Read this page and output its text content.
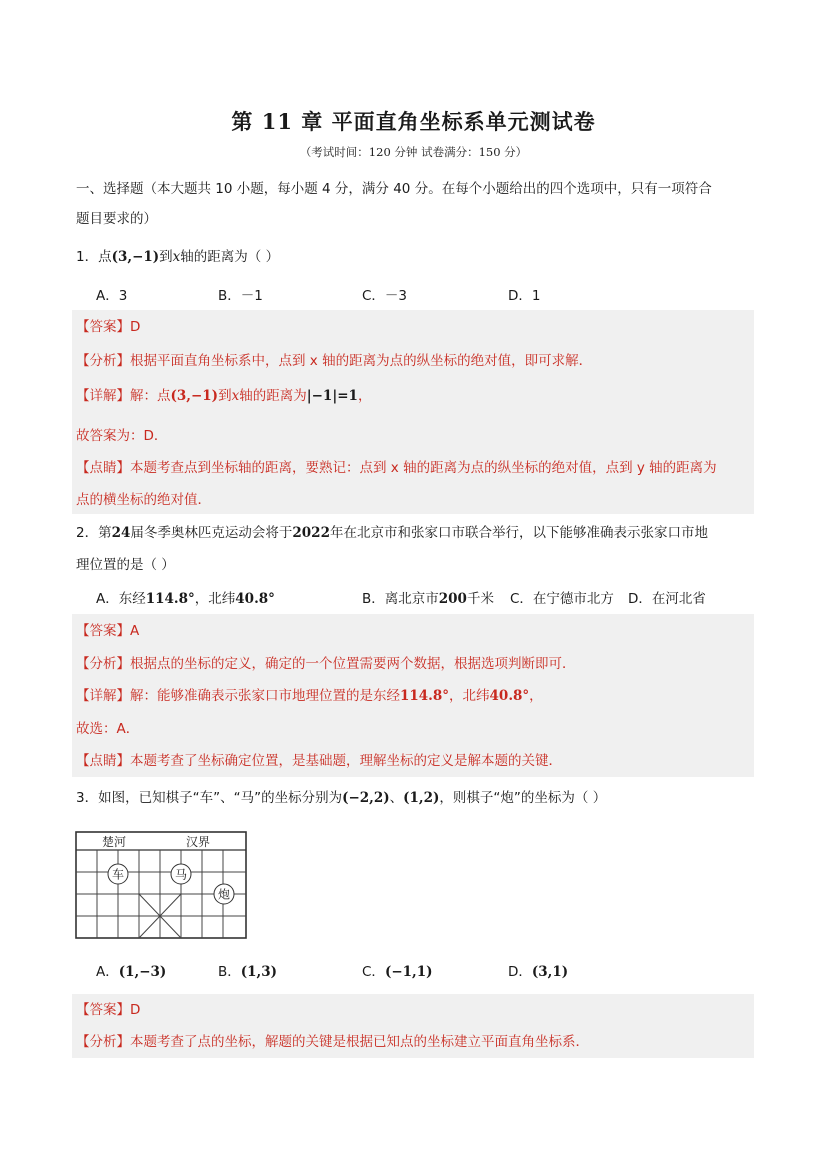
第 11 章 平面直角坐标系单元测试卷
（考试时间：120 分钟 试卷满分：150 分）
一、选择题（本大题共 10 小题，每小题 4 分，满分 40 分。在每个小题给出的四个选项中，只有一项符合
题目要求的）
1．点(3,−1)到x轴的距离为（ ）
A．3	B．－1	C．－3	D．1
【答案】D
【分析】根据平面直角坐标系中，点到 x 轴的距离为点的纵坐标的绝对值，即可求解．
【详解】解：点(3,−1)到x轴的距离为|−1|=1，
故答案为：D．
【点睛】本题考查点到坐标轴的距离，要熟记：点到 x 轴的距离为点的纵坐标的绝对值，点到 y 轴的距离为
点的横坐标的绝对值．
2．第24届冬季奥林匹克运动会将于2022年在北京市和张家口市联合举行，以下能够准确表示张家口市地
理位置的是（ ）
A．东经114.8°，北纬40.8°	B．离北京市200千米 C．在宁德市北方 D．在河北省
【答案】A
【分析】根据点的坐标的定义，确定的一个位置需要两个数据，根据选项判断即可．
【详解】解：能够准确表示张家口市地理位置的是东经114.8°，北纬40.8°，
故选：A．
【点睛】本题考查了坐标确定位置，是基础题，理解坐标的定义是解本题的关键．
3．如图，已知棋子“车”、“马”的坐标分别为(−2,2)、(1,2)，则棋子“炮”的坐标为（ ）
楚河	汉界
车	马
炮
A．(1,−3)	B．(1,3)	C．(−1,1)	D．(3,1)
【答案】D
【分析】本题考查了点的坐标，解题的关键是根据已知点的坐标建立平面直角坐标系．
